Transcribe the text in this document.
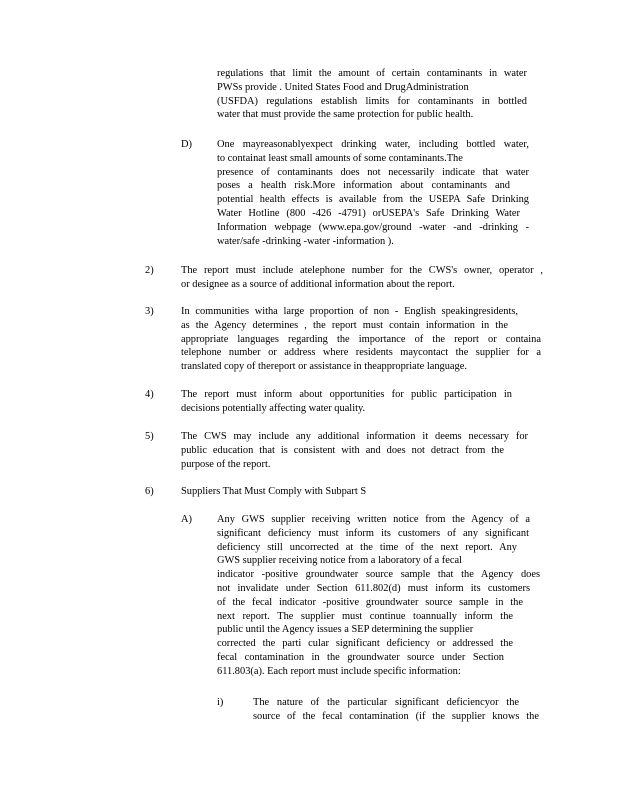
regulations that limit the amount of certain contaminants in water
PWSs provide . United States Food and DrugAdministration
(USFDA) regulations establish limits for contaminants in bottled
water that must provide the same protection for public health.
D) One mayreasonablyexpect drinking water, including bottled water,
to containat least small amounts of some contaminants.The
presence of contaminants does not necessarily indicate that water
poses a health risk.More information about contaminants and
potential health effects is available from the USEPA Safe Drinking
Water Hotline (800 -426 -4791) orUSEPA's Safe Drinking Water
Information webpage (www.epa.gov/ground -water -and -drinking -
water/safe -drinking -water -information ).
2)	The report must include atelephone number for the CWS's owner, operator ,
or designee as a source of additional information about the report.
3)	In communities witha large proportion of non - English speakingresidents,
as the Agency determines , the report must contain information in the
appropriate languages regarding the importance of the report or containa
telephone number or address where residents maycontact the supplier for a
translated copy of thereport or assistance in theappropriate language.
4)	The report must inform about opportunities for public participation in
decisions potentially affecting water quality.
5)	The CWS may include any additional information it deems necessary for
public education that is consistent with and does not detract from the
purpose of the report.
6)	Suppliers That Must Comply with Subpart S
A) Any GWS supplier receiving written notice from the Agency of a
significant deficiency must inform its customers of any significant
deficiency still uncorrected at the time of the next report. Any
GWS supplier receiving notice from a laboratory of a fecal
indicator -positive groundwater source sample that the Agency does
not invalidate under Section 611.802(d) must inform its customers
of the fecal indicator -positive groundwater source sample in the
next report. The supplier must continue toannually inform the
public until the Agency issues a SEP determining the supplier
corrected the parti cular significant deficiency or addressed the
fecal contamination in the groundwater source under Section
611.803(a). Each report must include specific information:
i)	The nature of the particular significant deficiencyor the
source of the fecal contamination (if the supplier knows the
